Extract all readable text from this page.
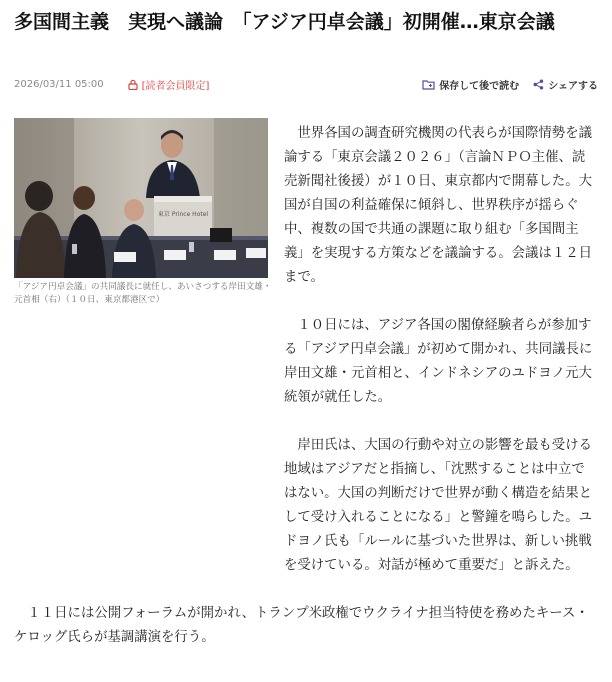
多国間主義　実現へ議論　「アジア円卓会議」初開催…東京会議
2026/03/11 05:00	[読者会員限定]	保存して後で読む	シェアする
東京 Prince Hotel
「アジア円卓会議」の共同議長に就任し、あいさつする岸田文雄・元首相（右）（１０日、東京都港区で）

　世界各国の調査研究機関の代表らが国際情勢を議論する「東京会議２０２６」（言論ＮＰＯ主催、読売新聞社後援）が１０日、東京都内で開幕した。大国が自国の利益確保に傾斜し、世界秩序が揺らぐ中、複数の国で共通の課題に取り組む「多国間主義」を実現する方策などを議論する。会議は１２日まで。

　１０日には、アジア各国の閣僚経験者らが参加する「アジア円卓会議」が初めて開かれ、共同議長に岸田文雄・元首相と、インドネシアのユドヨノ元大統領が就任した。

　岸田氏は、大国の行動や対立の影響を最も受ける地域はアジアだと指摘し、「沈黙することは中立ではない。大国の判断だけで世界が動く構造を結果として受け入れることになる」と警鐘を鳴らした。ユドヨノ氏も「ルールに基づいた世界は、新しい挑戦を受けている。対話が極めて重要だ」と訴えた。

　１１日には公開フォーラムが開かれ、トランプ米政権でウクライナ担当特使を務めたキース・ケロッグ氏らが基調講演を行う。
